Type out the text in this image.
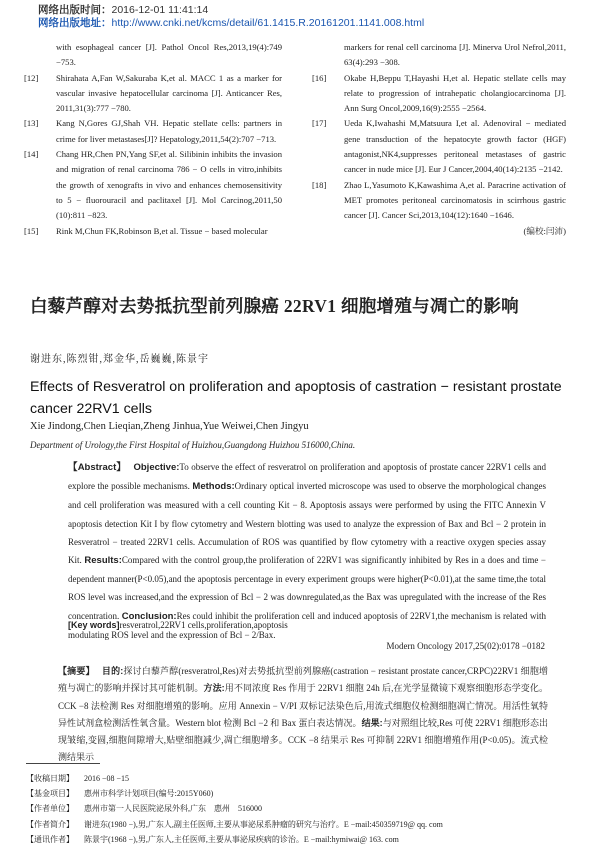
网络出版时间：2016-12-01 11:41:14
网络出版地址：http://www.cnki.net/kcms/detail/61.1415.R.20161201.1141.008.html
with esophageal cancer [J]. Pathol Oncol Res,2013,19(4):749 −753.
[12]	Shirahata A,Fan W,Sakuraba K,et al. MACC 1 as a marker for vascular invasive hepatocellular carcinoma [J]. Anticancer Res, 2011,31(3):777 −780.
[13]	Kang N,Gores GJ,Shah VH. Hepatic stellate cells: partners in crime for liver metastases[J]? Hepatology,2011,54(2):707 −713.
[14]	Chang HR,Chen PN,Yang SF,et al. Silibinin inhibits the invasion and migration of renal carcinoma 786 − O cells in vitro,inhibits the growth of xenografts in vivo and enhances chemosensitivity to 5 − fluorouracil and paclitaxel [J]. Mol Carcinog,2011,50 (10):811 −823.
[15]	Rink M,Chun FK,Robinson B,et al. Tissue − based molecular
markers for renal cell carcinoma [J]. Minerva Urol Nefrol,2011, 63(4):293 −308.
[16]	Okabe H,Beppu T,Hayashi H,et al. Hepatic stellate cells may relate to progression of intrahepatic cholangiocarcinoma [J]. Ann Surg Oncol,2009,16(9):2555 −2564.
[17]	Ueda K,Iwahashi M,Matsuura I,et al. Adenoviral − mediated gene transduction of the hepatocyte growth factor (HGF) antagonist,NK4,suppresses peritoneal metastases of gastric cancer in nude mice [J]. Eur J Cancer,2004,40(14):2135 −2142.
[18]	Zhao L,Yasumoto K,Kawashima A,et al. Paracrine activation of MET promotes peritoneal carcinomatosis in scirrhous gastric cancer [J]. Cancer Sci,2013,104(12):1640 −1646.
(编校:闫沛)
白藜芦醇对去势抵抗型前列腺癌 22RV1 细胞增殖与凋亡的影响
谢进东,陈烈钳,郑金华,岳巍巍,陈景宇
Effects of Resveratrol on proliferation and apoptosis of castration − resistant prostate cancer 22RV1 cells
Xie Jindong,Chen Lieqian,Zheng Jinhua,Yue Weiwei,Chen Jingyu
Department of Urology,the First Hospital of Huizhou,Guangdong Huizhou 516000,China.
【Abstract】 Objective:To observe the effect of resveratrol on proliferation and apoptosis of prostate cancer 22RV1 cells and explore the possible mechanisms. Methods:Ordinary optical inverted microscope was used to observe the morphological changes and cell proliferation was measured with a cell counting Kit − 8. Apoptosis assays were performed by using the FITC Annexin V apoptosis detection Kit I by flow cytometry and Western blotting was used to analyze the expression of Bax and Bcl − 2 protein in Resveratrol − treated 22RV1 cells. Accumulation of ROS was quantified by flow cytometry with a reactive oxygen species assay Kit. Results:Compared with the control group,the proliferation of 22RV1 was significantly inhibited by Res in a does and time − dependent manner(P<0.05),and the apoptosis percentage in every experiment groups were higher(P<0.01),at the same time,the total ROS level was increased,and the expression of Bcl − 2 was downregulated,as the Bax was upregulated with the increase of the Res concentration. Conclusion:Res could inhibit the proliferation cell and induced apoptosis of 22RV1,the mechanism is related with modulating ROS level and the expression of Bcl − 2/Bax.
[Key words]resveratrol,22RV1 cells,proliferation,apoptosis
Modern Oncology 2017,25(02):0178 −0182
【摘要】 目的:探讨白藜芦醇(resveratrol,Res)对去势抵抗型前列腺癌(castration − resistant prostate cancer,CRPC)22RV1 细胞增殖与凋亡的影响并探讨其可能机制。方法:用不同浓度 Res 作用于 22RV1 细胞 24h 后,在光学显微镜下观察细胞形态学变化。CCK −8 法检测 Res 对细胞增殖的影响。应用 Annexin − V/PI 双标记法染色后,用流式细胞仪检测细胞凋亡情况。用活性氧特异性试剂盒检测活性氧含量。Western blot 检测 Bcl −2 和 Bax 蛋白表达情况。结果:与对照组比较,Res 可使 22RV1 细胞形态出现皱缩,变圆,细胞间隙增大,贴壁细胞减少,凋亡细胞增多。CCK −8 结果示 Res 可抑制 22RV1 细胞增殖作用(P<0.05)。流式检测结果示
【收稿日期】	2016 −08 −15
【基金项目】	惠州市科学计划项目(编号:2015Y060)
【作者单位】	惠州市第一人民医院泌尿外科,广东　惠州　516000
【作者简介】	谢进东(1980 −),男,广东人,副主任医师,主要从事泌尿系肿瘤的研究与治疗。E −mail:450359719@ qq. com
【通讯作者】	陈景宇(1968 −),男,广东人,主任医师,主要从事泌尿疾病的诊治。E −mail:hymiwai@ 163. com
